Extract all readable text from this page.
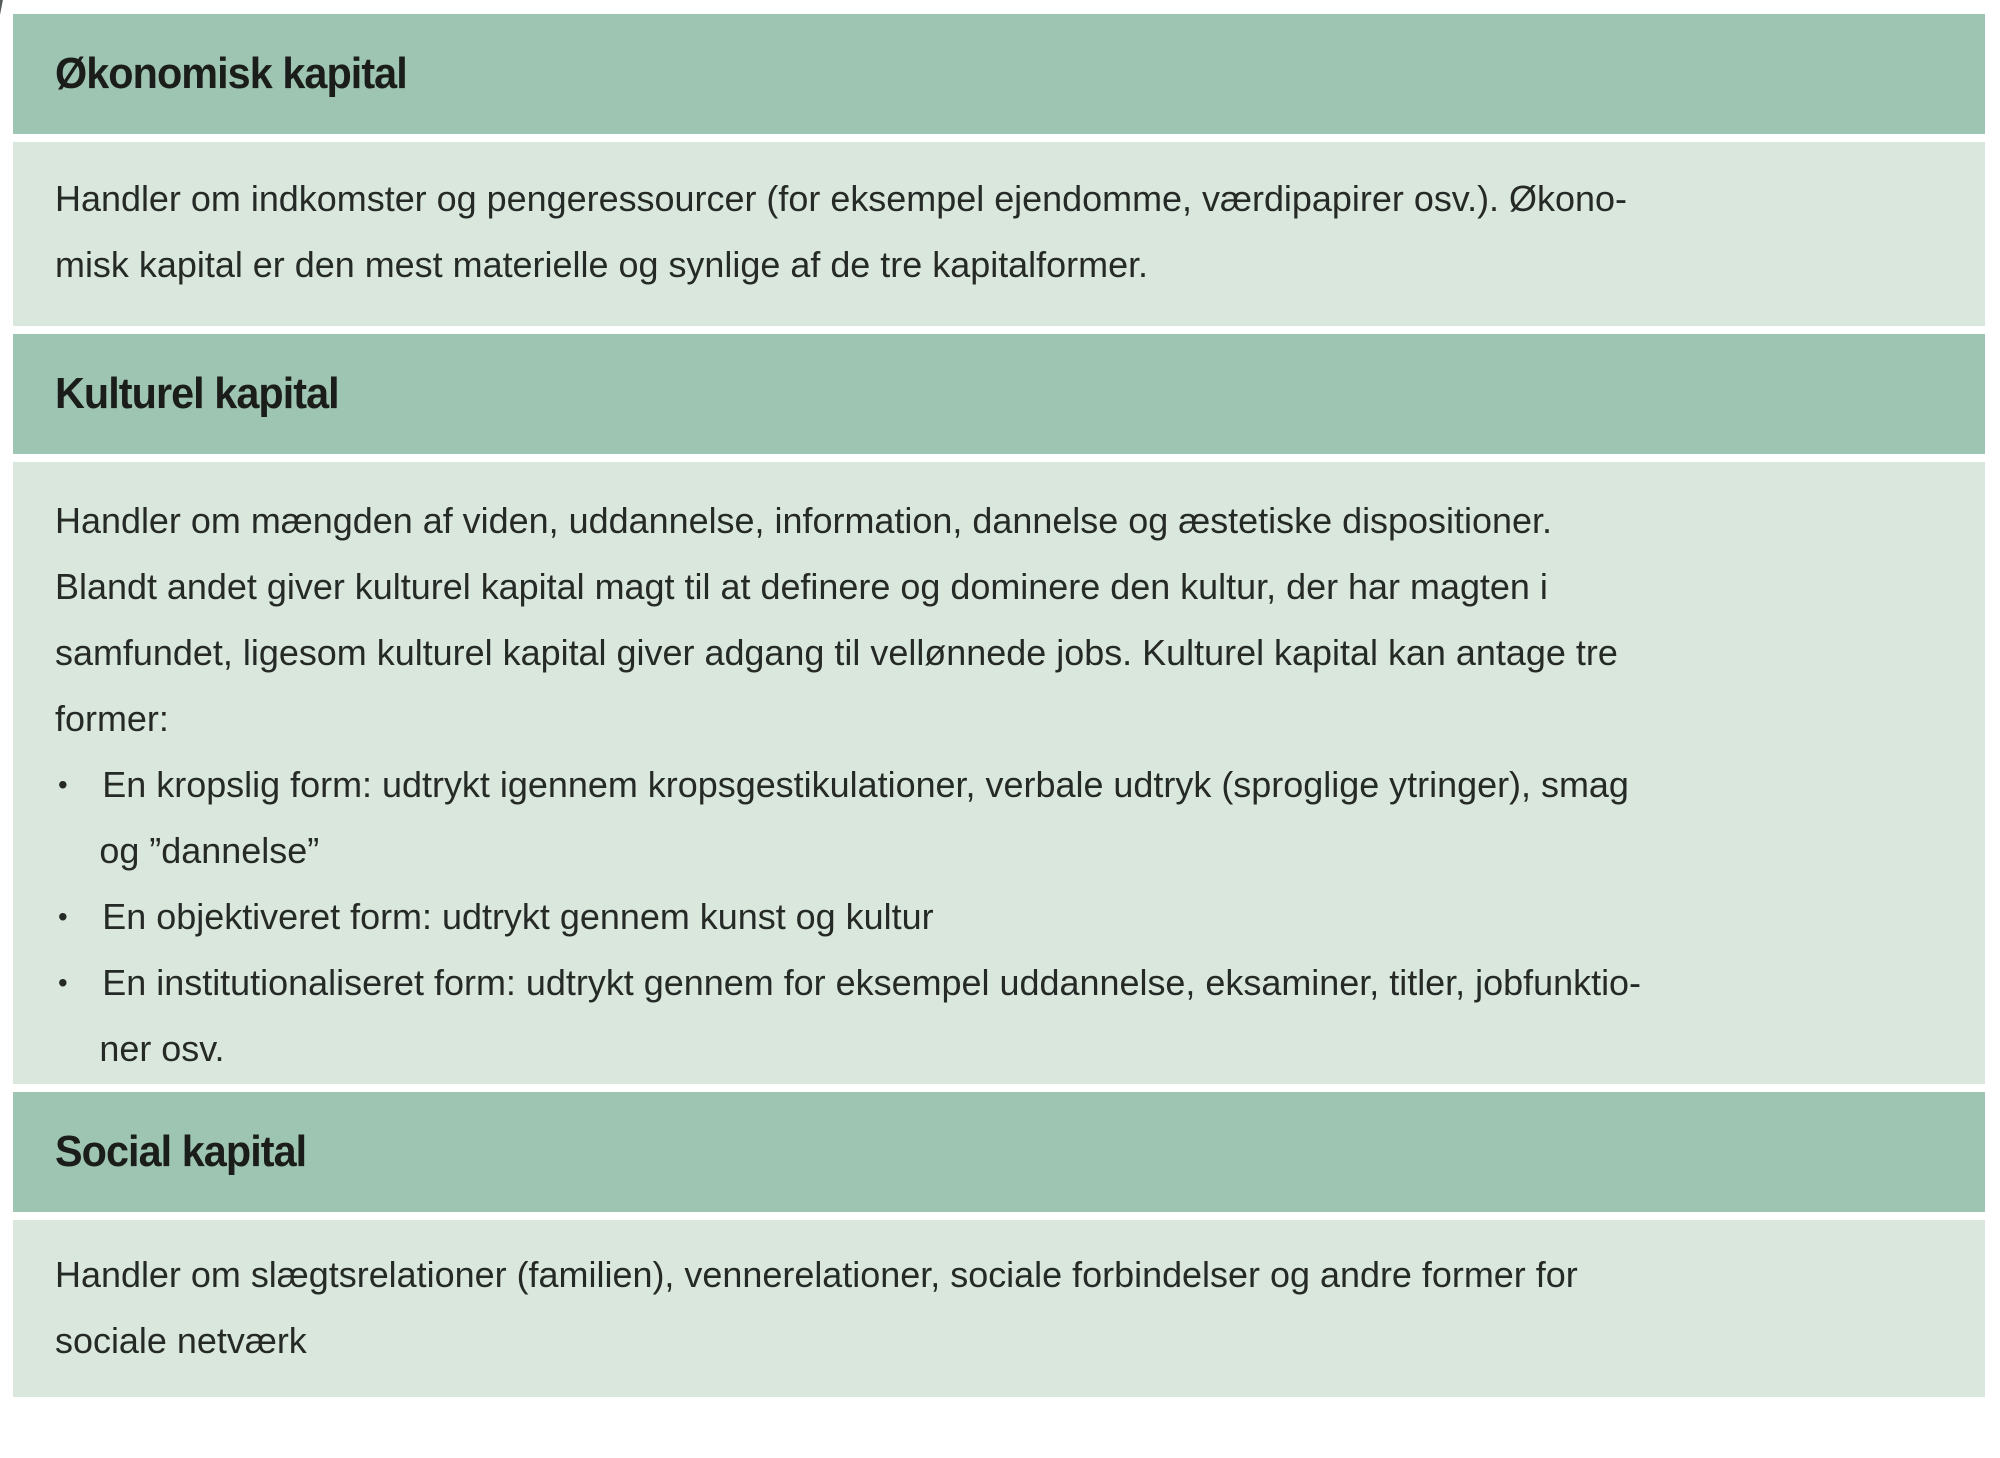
Økonomisk kapital
Handler om indkomster og pengeressourcer (for eksempel ejendomme, værdipapirer osv.). Økono-
misk kapital er den mest materielle og synlige af de tre kapitalformer.
Kulturel kapital
Handler om mængden af viden, uddannelse, information, dannelse og æstetiske dispositioner.
Blandt andet giver kulturel kapital magt til at definere og dominere den kultur, der har magten i
samfundet, ligesom kulturel kapital giver adgang til vellønnede jobs. Kulturel kapital kan antage tre
former:
• En kropslig form: udtrykt igennem kropsgestikulationer, verbale udtryk (sproglige ytringer), smag
og ”dannelse”
• En objektiveret form: udtrykt gennem kunst og kultur
• En institutionaliseret form: udtrykt gennem for eksempel uddannelse, eksaminer, titler, jobfunktio-
ner osv.
Social kapital
Handler om slægtsrelationer (familien), vennerelationer, sociale forbindelser og andre former for
sociale netværk
